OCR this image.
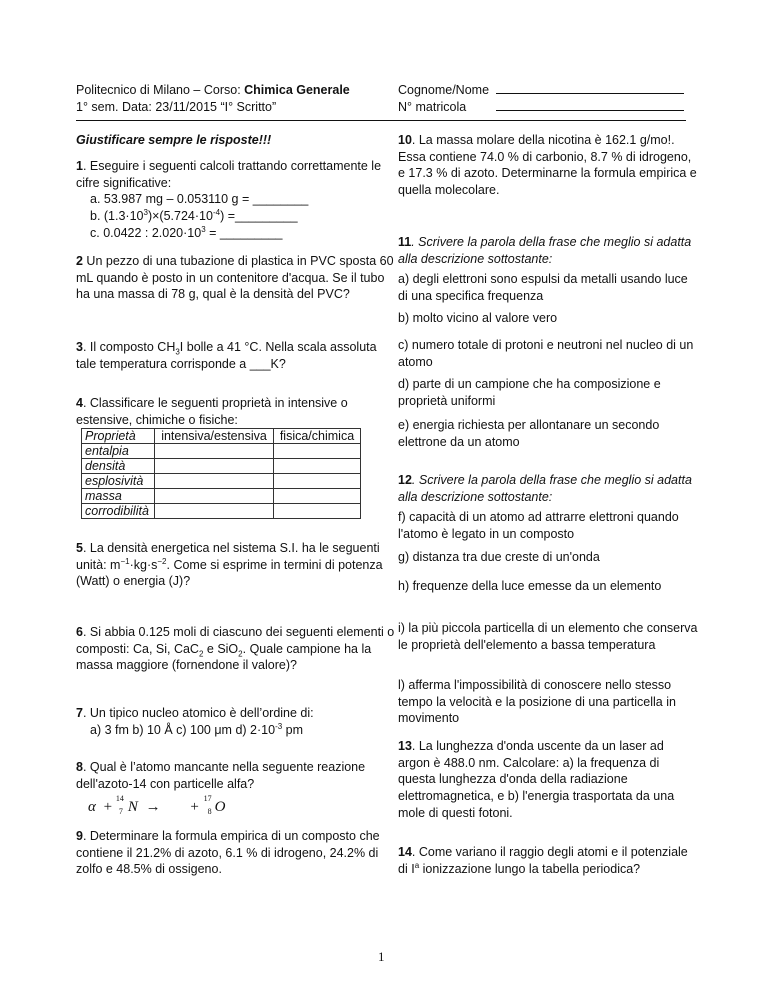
Politecnico di Milano – Corso: Chimica Generale
1° sem. Data: 23/11/2015 “I° Scritto”
Cognome/Nome
N° matricola
Giustificare sempre le risposte!!!
1. Eseguire i seguenti calcoli trattando correttamente le cifre significative:
a. 53.987 mg – 0.053110 g = ________
b. $(1.3\cdot 10^3)\times(5.724\cdot 10^{-4})$ =_________
c. 0.0422 : $2.020\cdot 10^3$ = _________
2 Un pezzo di una tubazione di plastica in PVC sposta 60 mL quando è posto in un contenitore d'acqua. Se il tubo ha una massa di 78 g, qual è la densità del PVC?
3. Il composto $CH_3I$ bolle a 41 °C. Nella scala assoluta tale temperatura corrisponde a ___K?
4. Classificare le seguenti proprietà in intensive o estensive, chimiche o fisiche:
Proprietà	intensiva/estensiva	fisica/chimica
entalpia		
densità		
esplosività		
massa		
corrodibilità		
5. La densità energetica nel sistema S.I. ha le seguenti unità: $m^{-1}\cdot kg\cdot s^{-2}$. Come si esprime in termini di potenza (Watt) o energia (J)?
6. Si abbia 0.125 moli di ciascuno dei seguenti elementi o composti: Ca, Si, CaC$_2$ e SiO$_2$. Quale campione ha la massa maggiore (fornendone il valore)?
7. Un tipico nucleo atomico è dell’ordine di:
a) 3 fm b) 10 Å c) 100 μm d) $2\cdot 10^{-3}$ pm
8. Qual è l’atomo mancante nella seguente reazione dell'azoto-14 con particelle alfa?
α +
14
7 N → +
17
8 O
9. Determinare la formula empirica di un composto che contiene il 21.2% di azoto, 6.1 % di idrogeno, 24.2% di zolfo e 48.5% di ossigeno.
10. La massa molare della nicotina è 162.1 g/mo!. Essa contiene 74.0 % di carbonio, 8.7 % di idrogeno, e 17.3 % di azoto. Determinarne la formula empirica e quella molecolare.
11. Scrivere la parola della frase che meglio si adatta alla descrizione sottostante:
a) degli elettroni sono espulsi da metalli usando luce di una specifica frequenza
b) molto vicino al valore vero
c) numero totale di protoni e neutroni nel nucleo di un atomo
d) parte di un campione che ha composizione e proprietà uniformi
e) energia richiesta per allontanare un secondo elettrone da un atomo
12. Scrivere la parola della frase che meglio si adatta alla descrizione sottostante:
f) capacità di un atomo ad attrarre elettroni quando l'atomo è legato in un composto
g) distanza tra due creste di un'onda
h) frequenze della luce emesse da un elemento
i) la più piccola particella di un elemento che conserva le proprietà dell'elemento a bassa temperatura
l) afferma l'impossibilità di conoscere nello stesso tempo la velocità e la posizione di una particella in movimento
13. La lunghezza d'onda uscente da un laser ad argon è 488.0 nm. Calcolare: a) la frequenza di questa lunghezza d'onda della radiazione elettromagnetica, e b) l'energia trasportata da una mole di questi fotoni.
14. Come variano il raggio degli atomi e il potenziale di $I^a$ ionizzazione lungo la tabella periodica?
1
